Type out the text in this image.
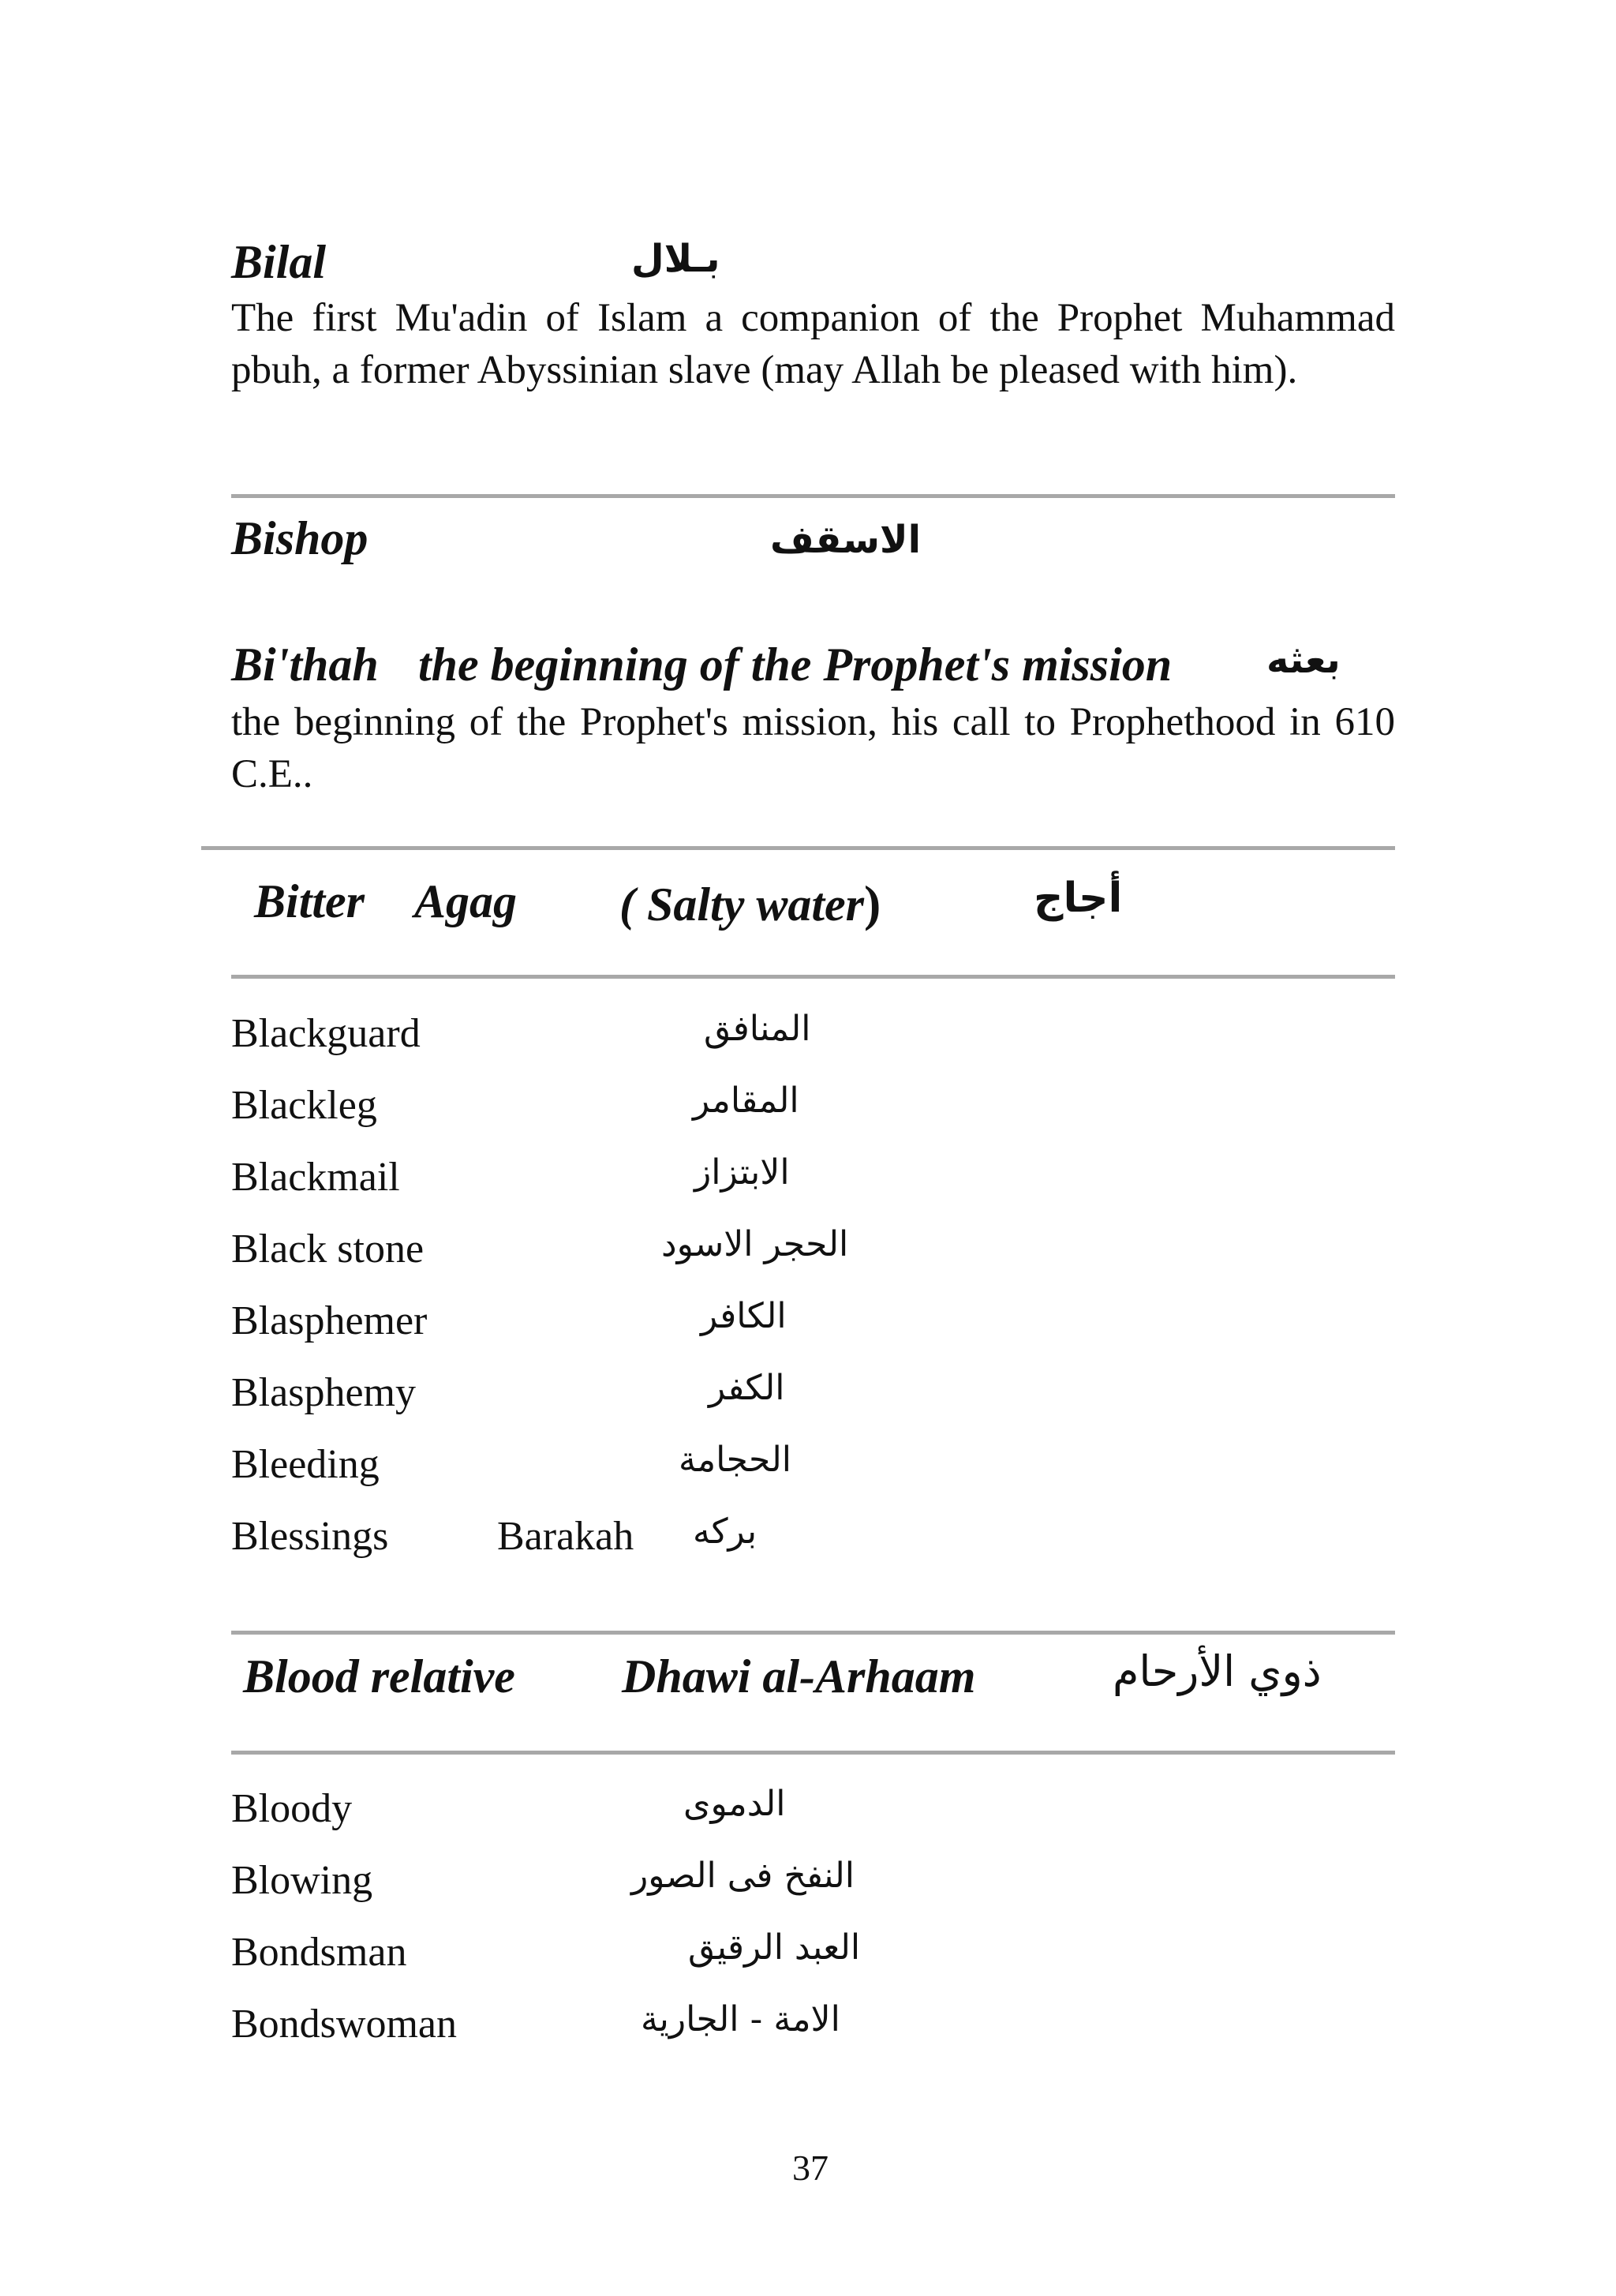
Bilal	بـلال
The first Mu'adin of Islam a companion of the Prophet Muhammad pbuh, a former Abyssinian slave (may Allah be pleased with him).
Bishop	الاسقف
Bi'thah the beginning of the Prophet's mission بعثه
the beginning of the Prophet's mission, his call to Prophethood in 610 C.E..
Bitter Agag ( Salty water)	أجاج
Blackguard	المنافق
Blackleg	المقامر
Blackmail	الابتزاز
Black stone	الحجر الاسود
Blasphemer	الكافر
Blasphemy	الكفر
Bleeding	الحجامة
Blessings	Barakah بركه
Blood relative Dhawi al-Arhaam	ذوي الأرحام
Bloody	الدموى
Blowing	النفخ فى الصور
Bondsman	العبد الرقيق
Bondswoman	الامة - الجارية
37
